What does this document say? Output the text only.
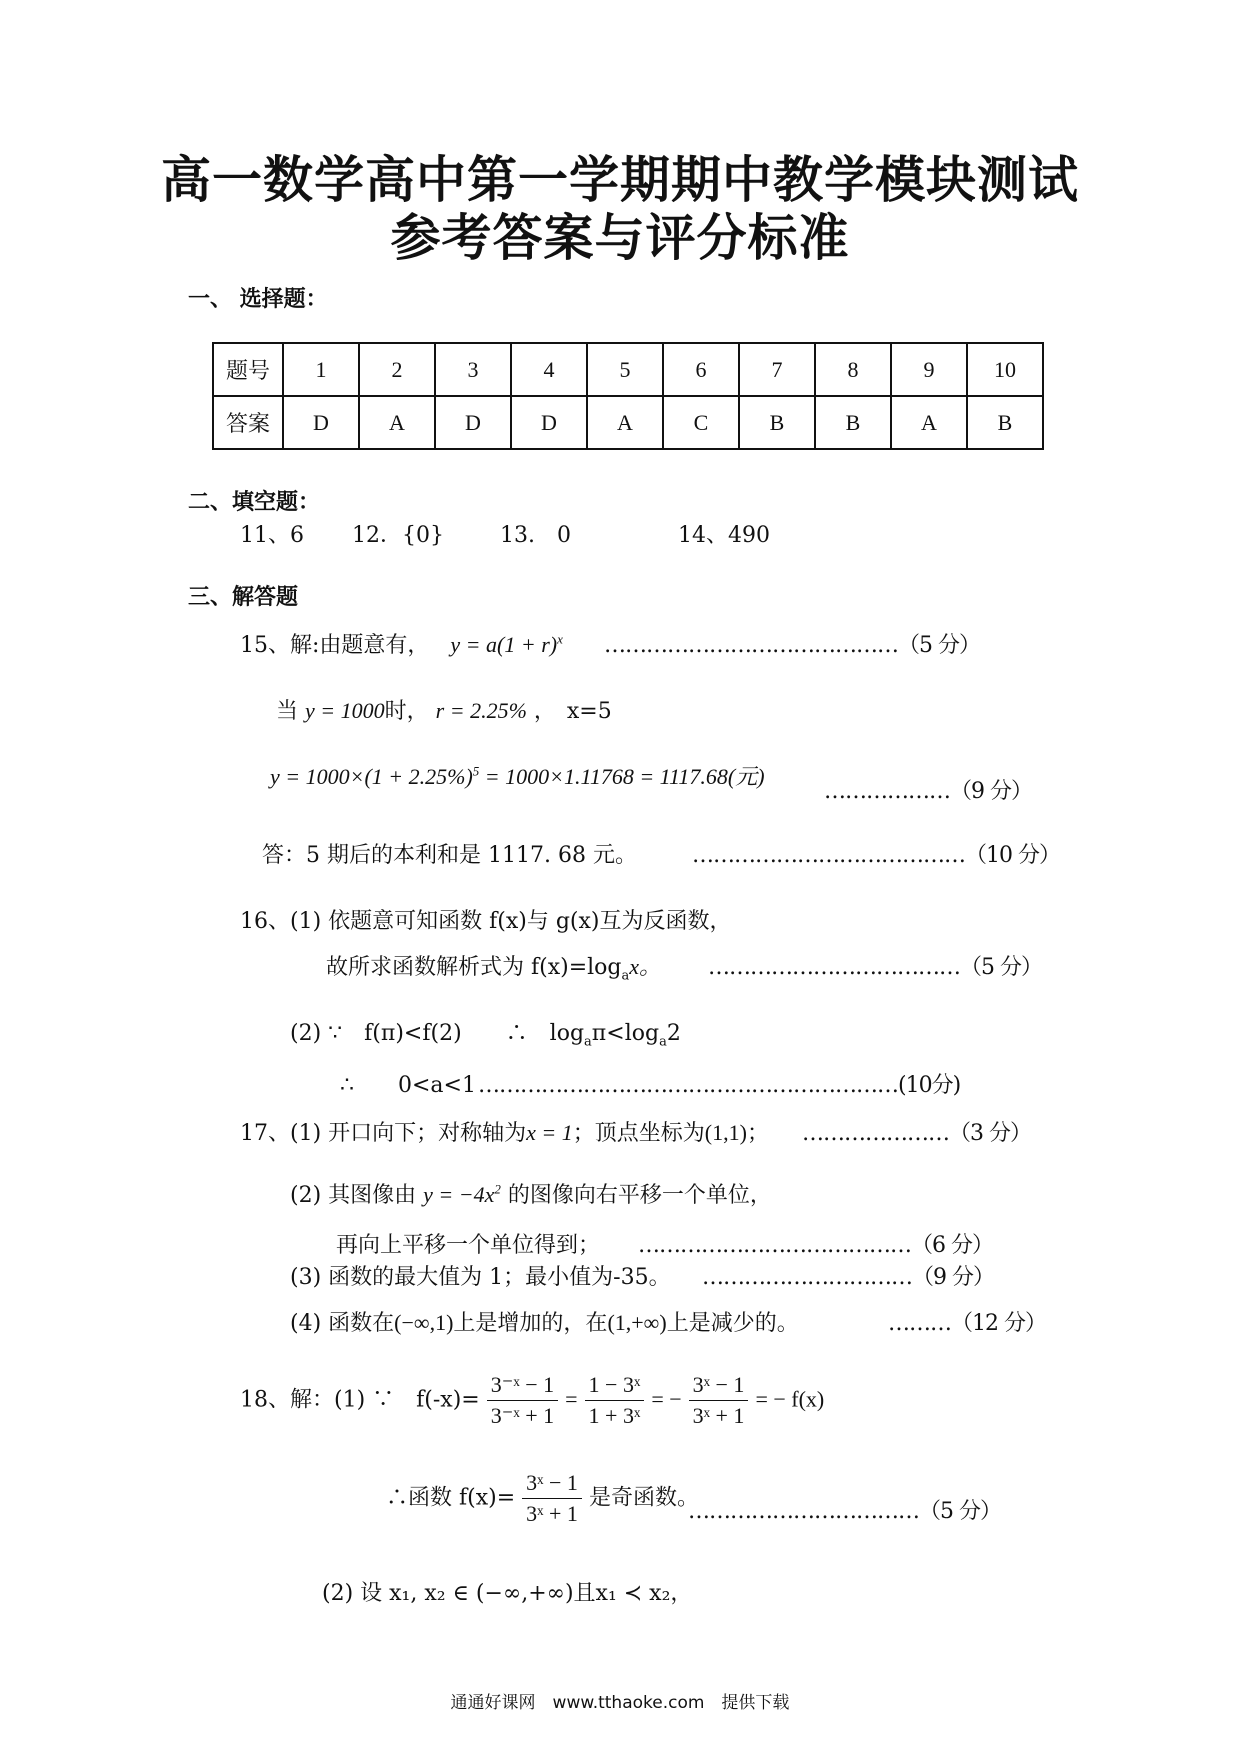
高一数学高中第一学期期中教学模块测试
参考答案与评分标准
一、 选择题：
题号	1	2	3	4	5	6	7	8	9	10
答案	D	A	D	D	A	C	B	B	A	B
二、填空题：
11、6 12．{0}	13.　0	14、490
三、解答题
15、解:由题意有， $y = a(1 + r)^x$ ……………………………………（5 分）
当 y = 1000时， r = 2.25% ，　x=5
$y = 1000\times(1 + 2.25\%)^5 = 1000\times 1.11768 = 1117.68$(元)
………………（9 分）
答：5 期后的本利和是 1117. 68 元。	…………………………………（10 分）
16、(1) 依题意可知函数 f(x)与 g(x)互为反函数，
故所求函数解析式为 $f(x)=\log_ax$。 ………………………………（5 分）
(2) ∵　f(π)<f(2)　　∴　$\log_a\pi<\log_a2$
∴　　0<a<1 ……………………………………………………(10分)
17、(1) 开口向下；对称轴为x = 1；顶点坐标为(1,1)； …………………（3 分）
(2) 其图像由 $y = -4x^2$ 的图像向右平移一个单位，
再向上平移一个单位得到； …………………………………（6 分）
(3) 函数的最大值为 1；最小值为-35。 …………………………（9 分）
(4) 函数在(−∞,1)上是增加的，在(1,+∞)上是减少的。	………（12 分）
18、解：(1) ∵　$f(-x)= \frac{\text{3⁻ˣ − 1}}{\text{3⁻ˣ + 1}} = \frac{\text{1 − 3ˣ}}{\text{1 + 3ˣ}}$ = − $\frac{\text{3ˣ − 1}}{\text{3ˣ + 1}}$ = − f(x)
∴函数 $f(x)= \frac{\text{3ˣ − 1}}{\text{3ˣ + 1}}$ 是奇函数。
……………………………（5 分）
(2) 设 x₁, x₂ ∈ (−∞,+∞)且x₁ ≺ x₂，
通通好课网　www.tthaoke.com　提供下载
